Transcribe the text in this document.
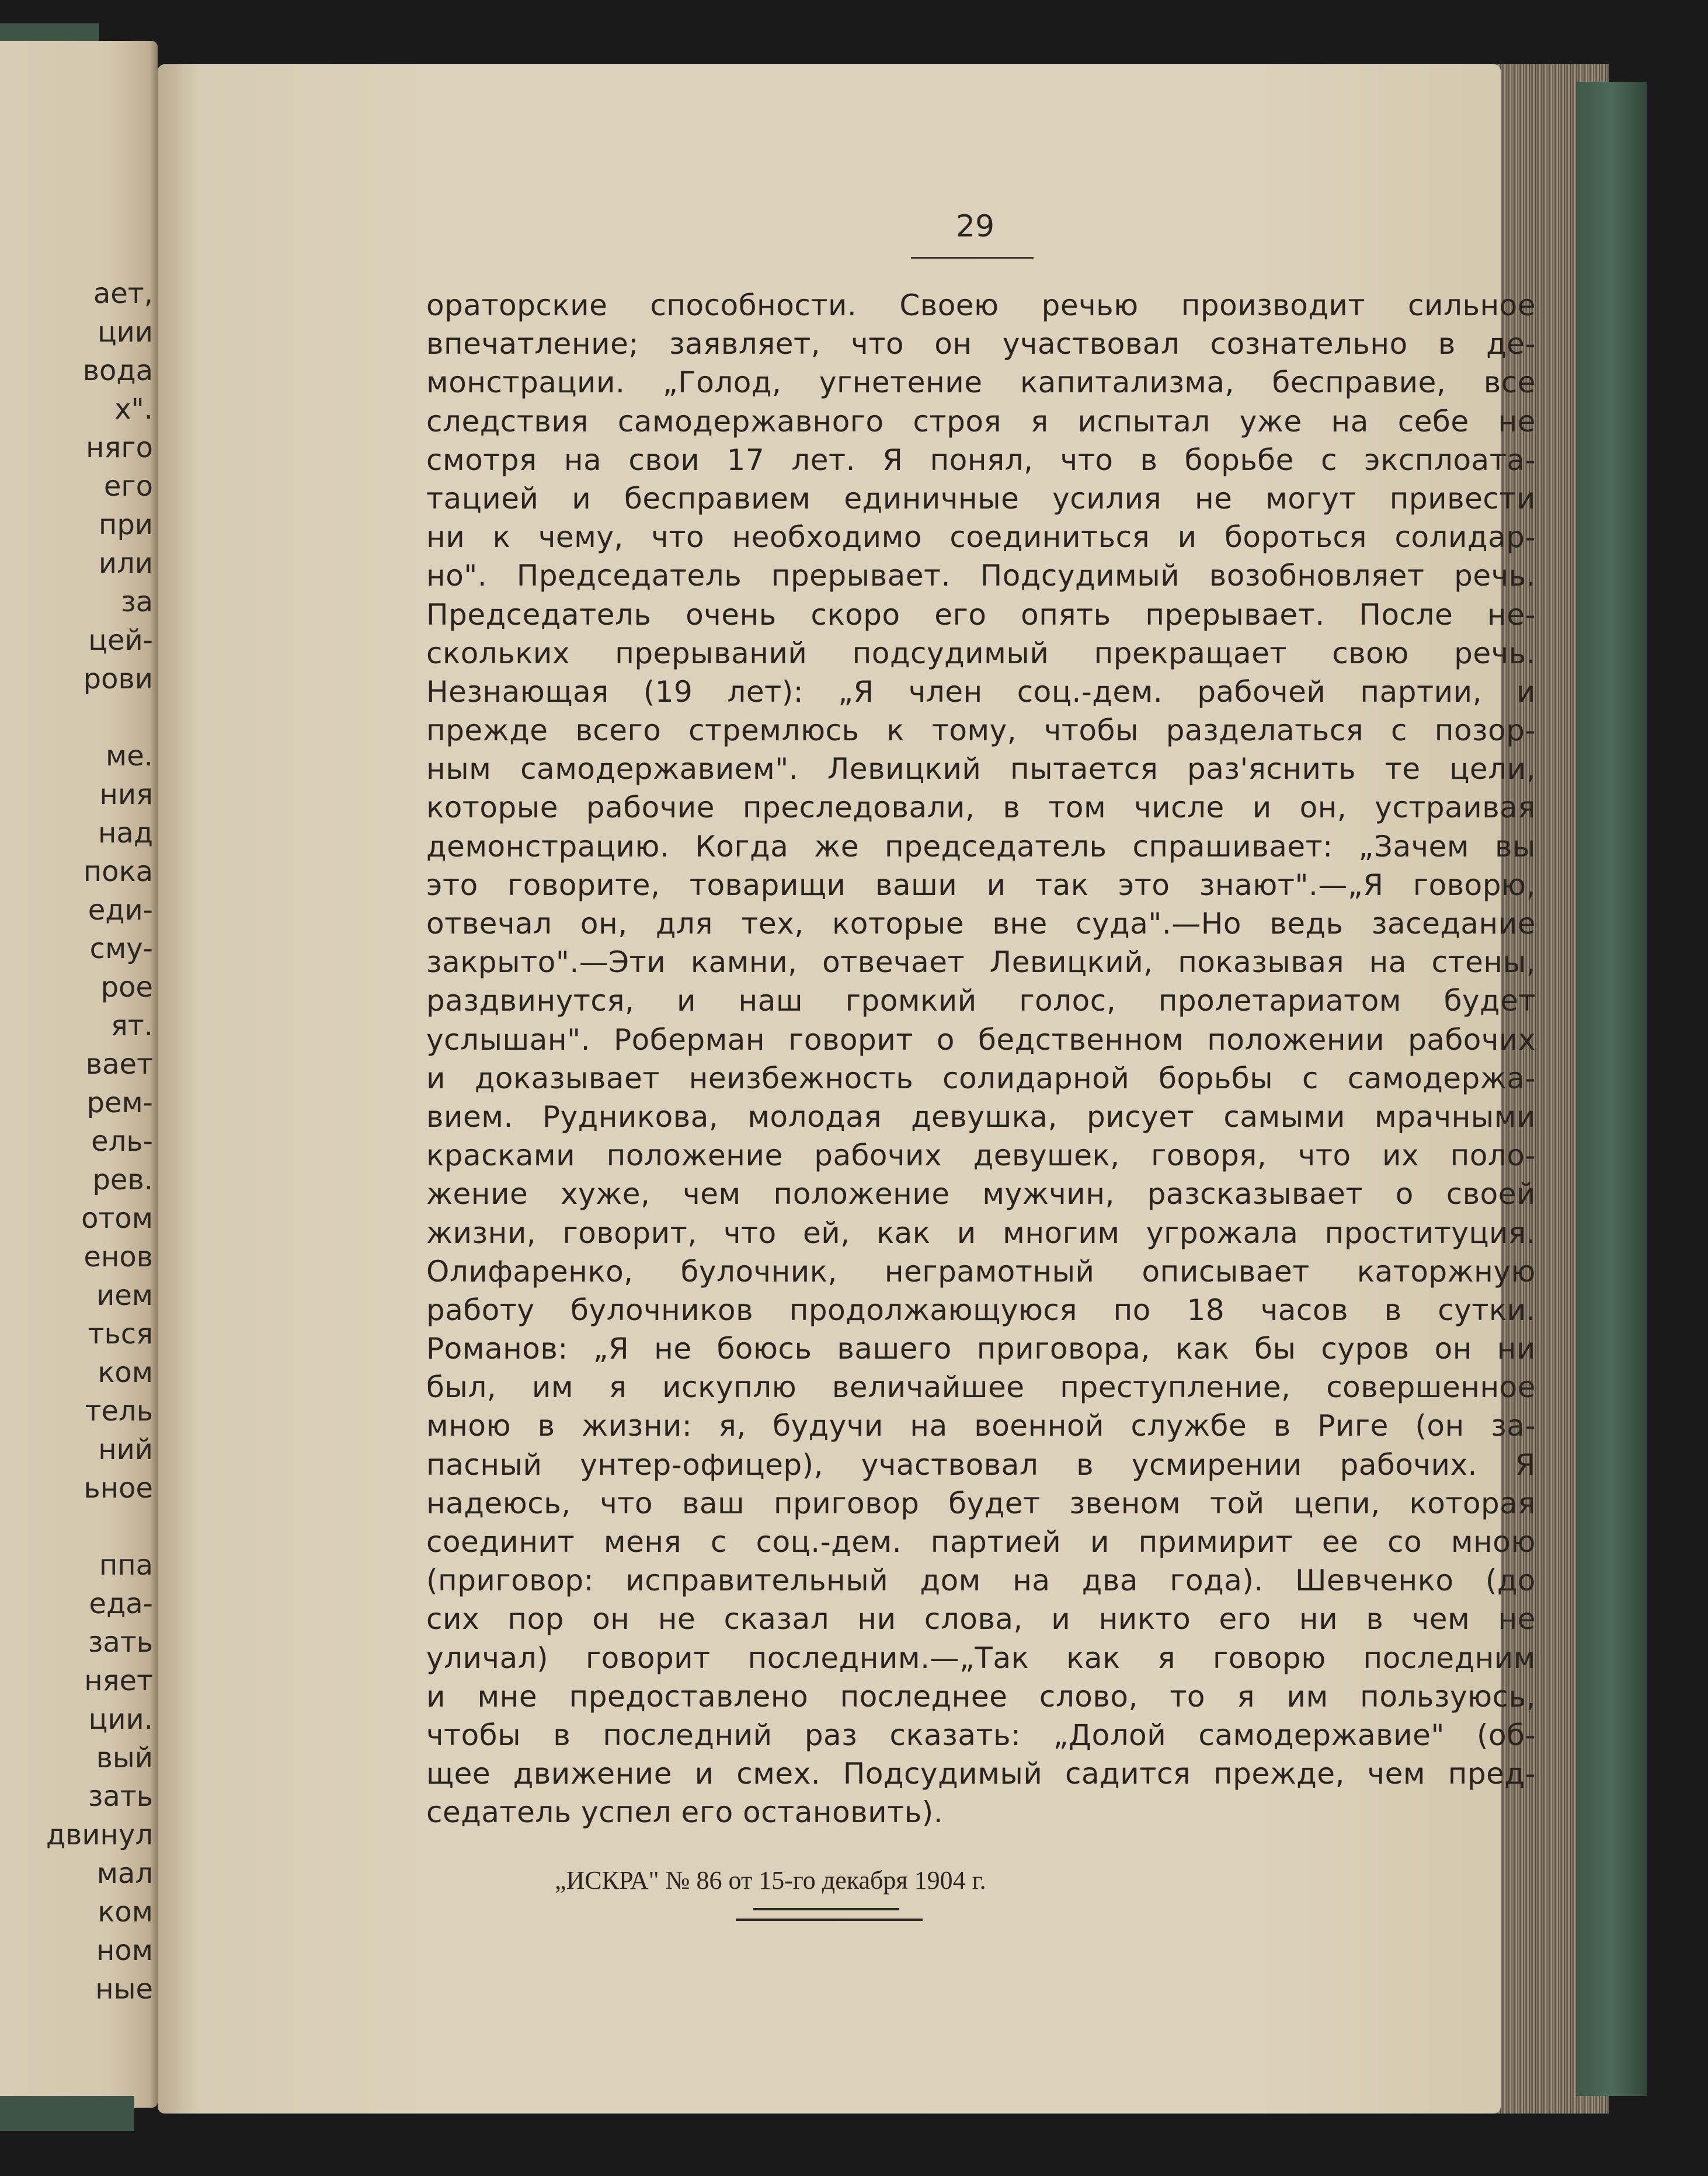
ает,
ции
вода
х".
няго
его
при
или
за
цей-
рови
ме.
ния
над
пока
еди-
сму-
рое
ят.
вает
рем-
ель-
рев.
отом
енов
ием
ться
ком
тель
ний
ьное
ппа
еда-
зать
няет
ции.
вый
зать
двинул
мал
ком
ном
ные
29
ораторские способности. Своею речью производит сильное
впечатление; заявляет, что он участвовал сознательно в де-
монстрации. „Голод, угнетение капитализма, бесправие, все
следствия самодержавного строя я испытал уже на себе не
смотря на свои 17 лет. Я понял, что в борьбе с эксплоата-
тацией и бесправием единичные усилия не могут привести
ни к чему, что необходимо соединиться и бороться солидар-
но". Председатель прерывает. Подсудимый возобновляет речь.
Председатель очень скоро его опять прерывает. После не-
скольких прерываний подсудимый прекращает свою речь.
Незнающая (19 лет): „Я член соц.-дем. рабочей партии, и
прежде всего стремлюсь к тому, чтобы разделаться с позор-
ным самодержавием". Левицкий пытается раз'яснить те цели,
которые рабочие преследовали, в том числе и он, устраивая
демонстрацию. Когда же председатель спрашивает: „Зачем вы
это говорите, товарищи ваши и так это знают".—„Я говорю,
отвечал он, для тех, которые вне суда".—Но ведь заседание
закрыто".—Эти камни, отвечает Левицкий, показывая на стены,
раздвинутся, и наш громкий голос, пролетариатом будет
услышан". Роберман говорит о бедственном положении рабочих
и доказывает неизбежность солидарной борьбы с самодержа-
вием. Рудникова, молодая девушка, рисует самыми мрачными
красками положение рабочих девушек, говоря, что их поло-
жение хуже, чем положение мужчин, разсказывает о своей
жизни, говорит, что ей, как и многим угрожала проституция.
Олифаренко, булочник, неграмотный описывает каторжную
работу булочников продолжающуюся по 18 часов в сутки.
Романов: „Я не боюсь вашего приговора, как бы суров он ни
был, им я искуплю величайшее преступление, совершенное
мною в жизни: я, будучи на военной службе в Риге (он за-
пасный унтер-офицер), участвовал в усмирении рабочих. Я
надеюсь, что ваш приговор будет звеном той цепи, которая
соединит меня с соц.-дем. партией и примирит ее со мною
(приговор: исправительный дом на два года). Шевченко (до
сих пор он не сказал ни слова, и никто его ни в чем не
уличал) говорит последним.—„Так как я говорю последним
и мне предоставлено последнее слово, то я им пользуюсь,
чтобы в последний раз сказать: „Долой самодержавие" (об-
щее движение и смех. Подсудимый садится прежде, чем пред-
седатель успел его остановить).
„ИСКРА" № 86 от 15-го декабря 1904 г.
